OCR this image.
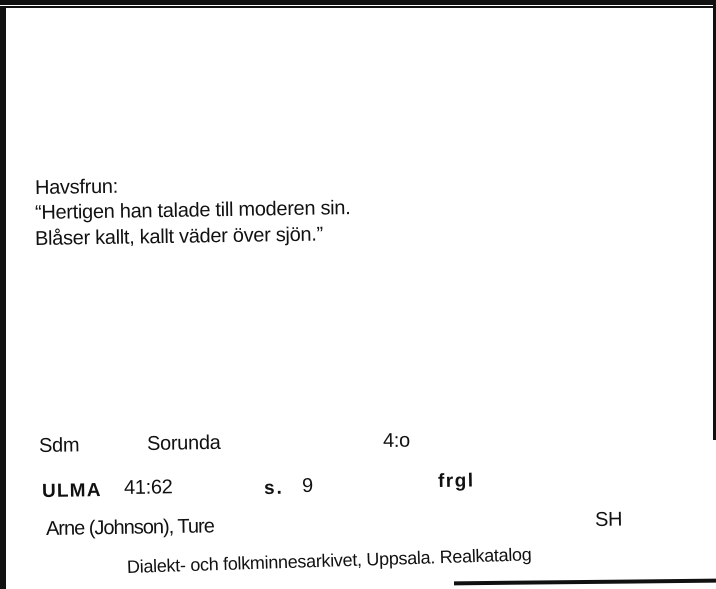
Havsfrun:
“Hertigen han talade till moderen sin.
Blåser kallt, kallt väder över sjön.”
Sdm	Sorunda	4:o
ULMA 41:62	s. 9	frgl
Arne (Johnson), Ture	SH
Dialekt- och folkminnesarkivet, Uppsala. Realkatalog
